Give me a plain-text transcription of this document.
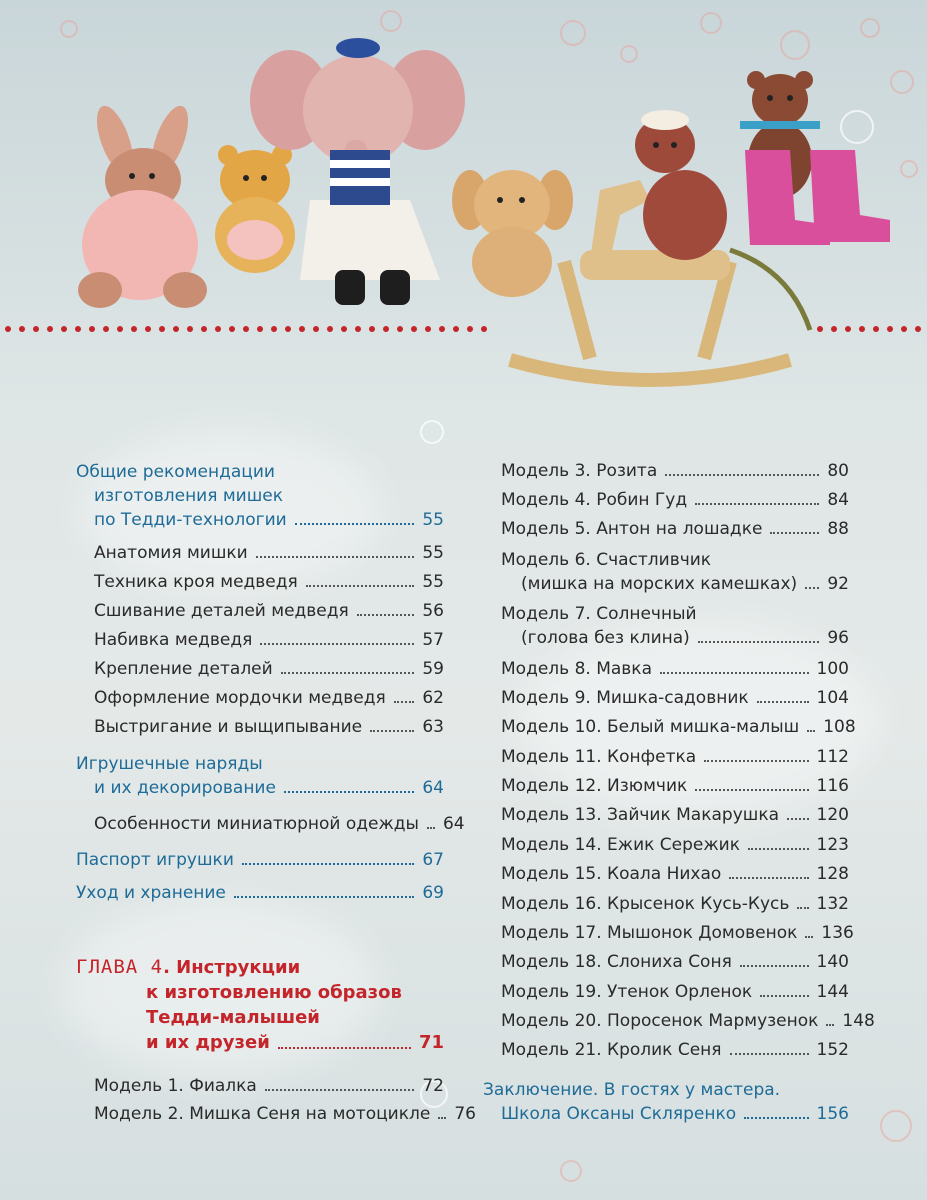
Общие рекомендации
изготовления мишек
по Тедди-технологии	55
Анатомия мишки	55
Техника кроя медведя	55
Сшивание деталей медведя	56
Набивка медведя	57
Крепление деталей	59
Оформление мордочки медведя 62
Выстригание и выщипывание	63
Игрушечные наряды
и их декорирование	64
Особенности миниатюрной одежды 64
Паспорт игрушки	67
Уход и хранение	69
ГЛАВА 4. Инструкции
к изготовлению образов
Тедди-малышей
и их друзей	71
Модель 1. Фиалка	72
Модель 2. Мишка Сеня на мотоцикле 76
Модель 3. Розита	80
Модель 4. Робин Гуд	84
Модель 5. Антон на лошадке	88
Модель 6. Счастливчик
(мишка на морских камешках) 92
Модель 7. Солнечный
(голова без клина)	96
Модель 8. Мавка	100
Модель 9. Мишка-садовник	104
Модель 10. Белый мишка-малыш 108
Модель 11. Конфетка	112
Модель 12. Изюмчик	116
Модель 13. Зайчик Макарушка 120
Модель 14. Ежик Сережик	123
Модель 15. Коала Нихао	128
Модель 16. Крысенок Кусь-Кусь 132
Модель 17. Мышонок Домовенок 136
Модель 18. Слониха Соня	140
Модель 19. Утенок Орленок	144
Модель 20. Поросенок Мармузенок 148
Модель 21. Кролик Сеня	152
Заключение. В гостях у мастера.
Школа Оксаны Скляренко	156
